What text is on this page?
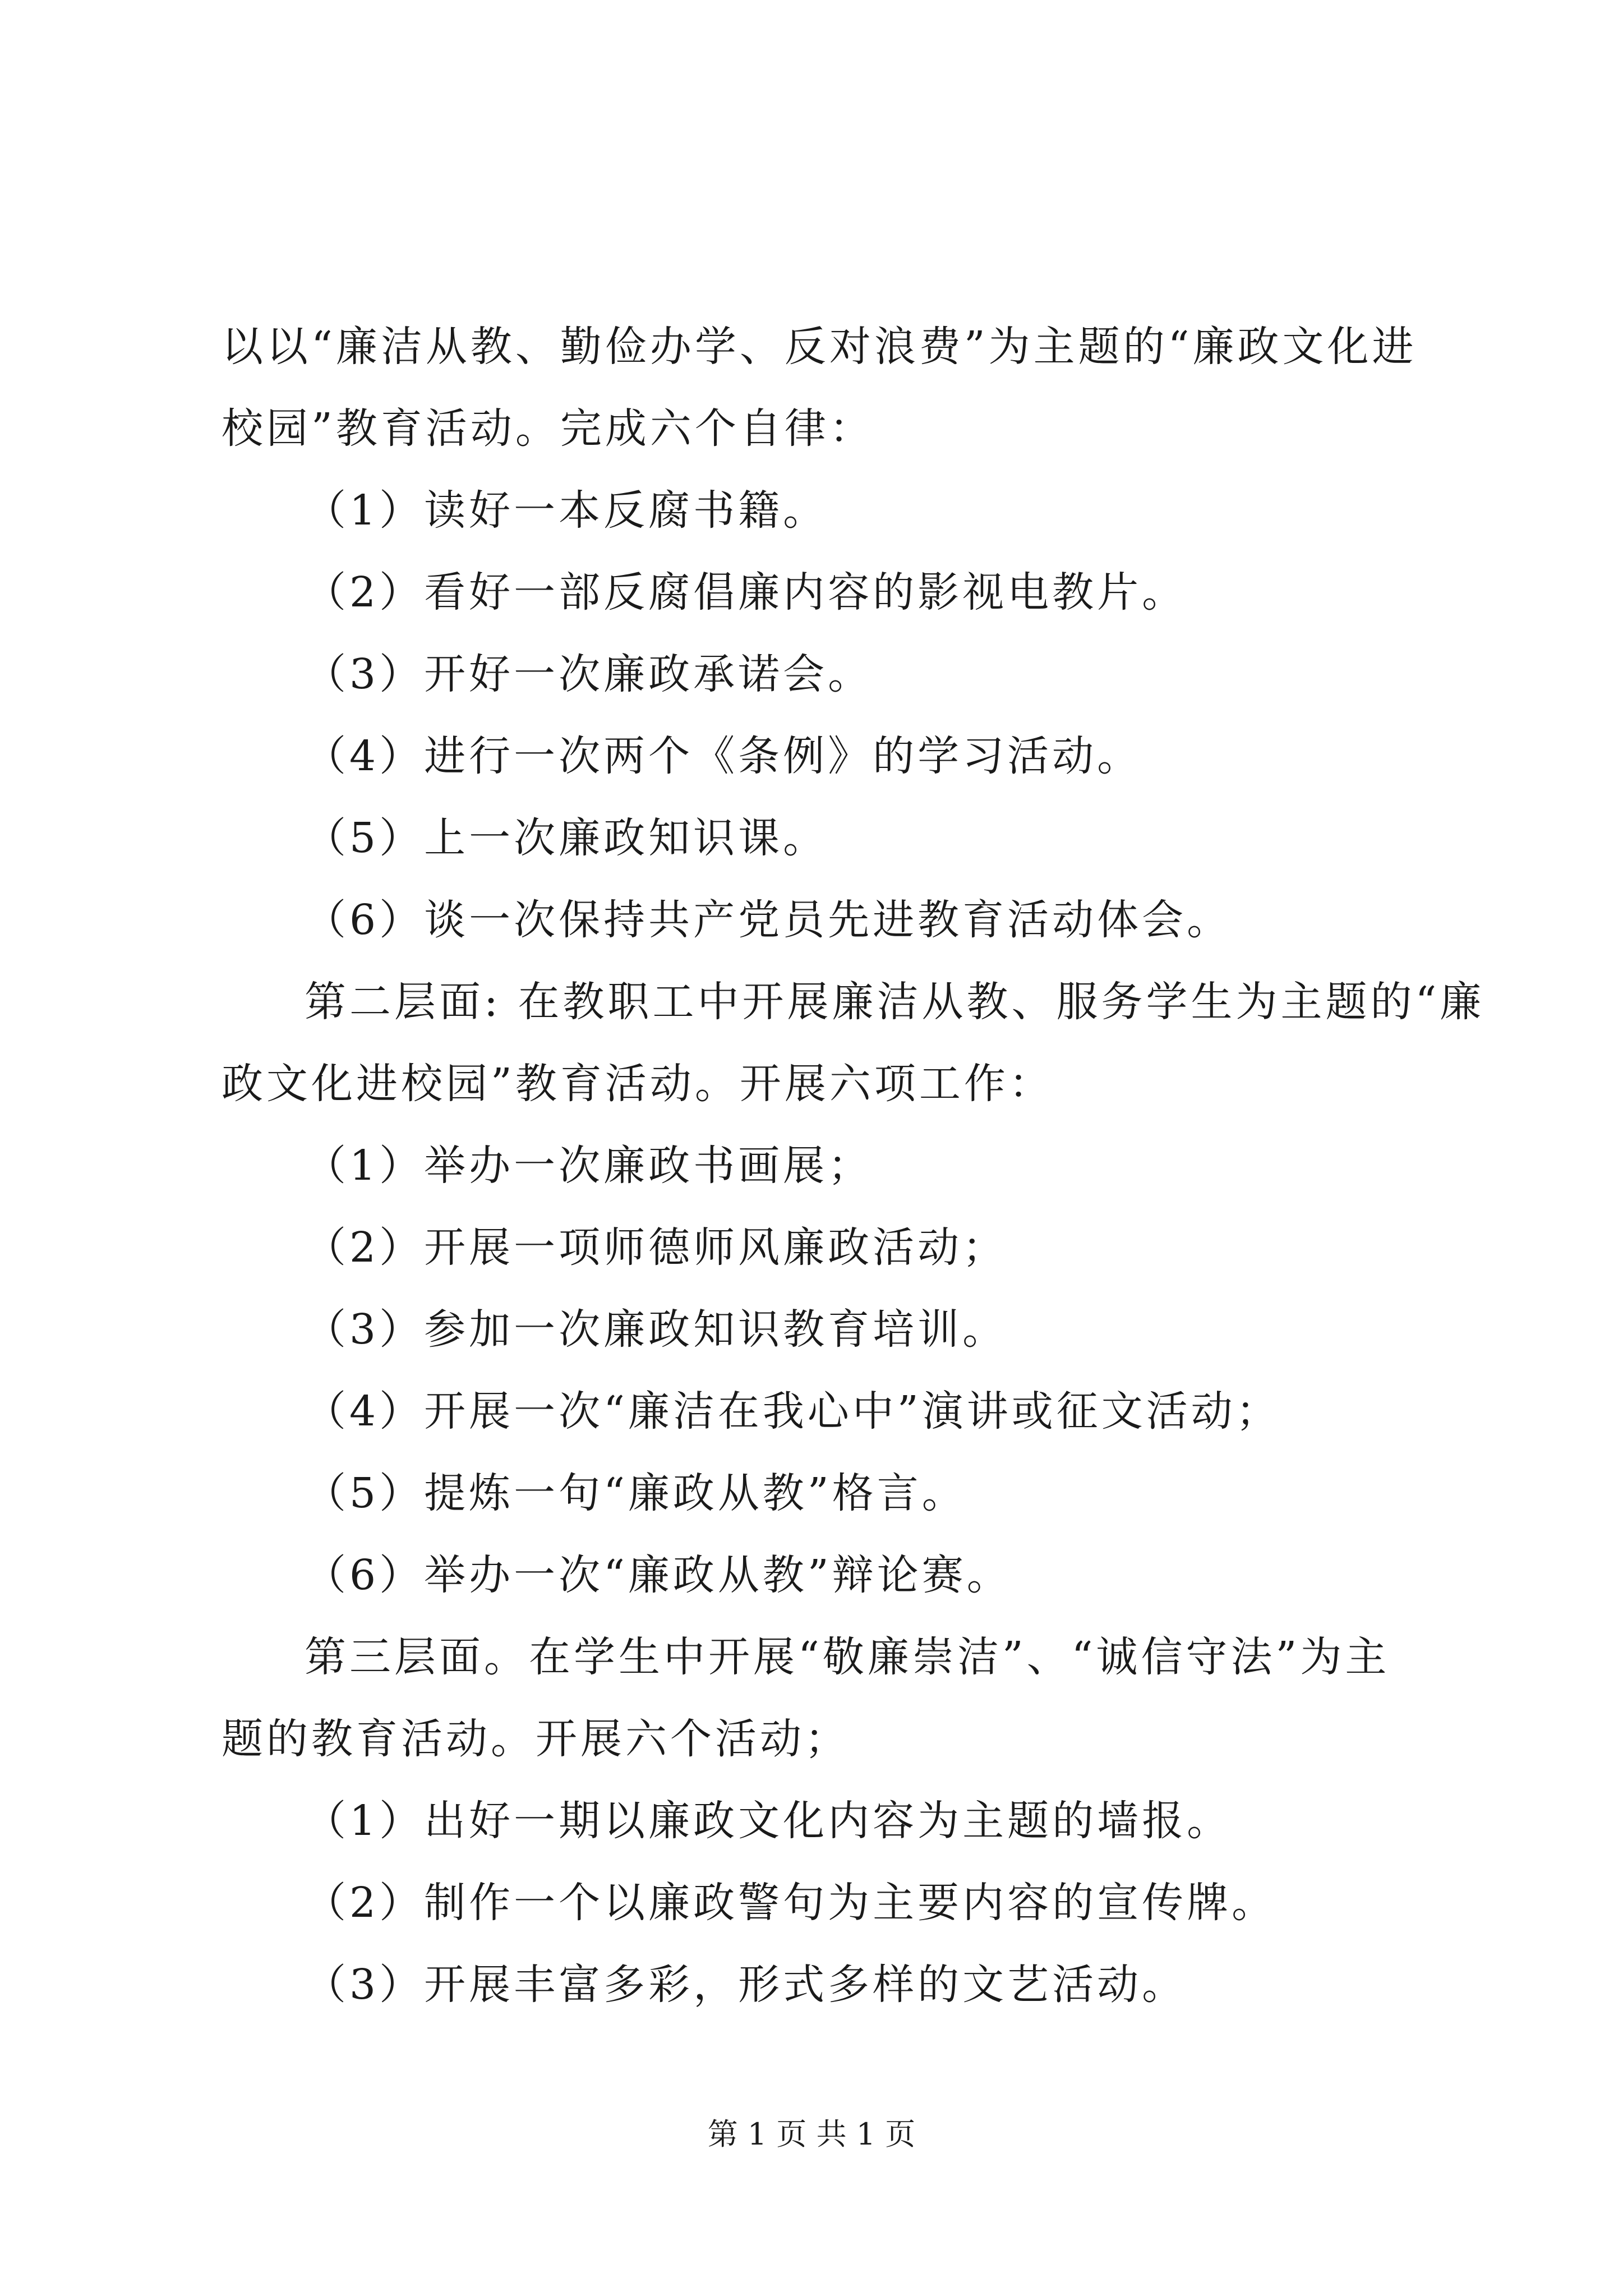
以以“廉洁从教、勤俭办学、反对浪费”为主题的“廉政文化进
校园”教育活动。完成六个自律：
（1）读好一本反腐书籍。
（2）看好一部反腐倡廉内容的影视电教片。
（3）开好一次廉政承诺会。
（4）进行一次两个《条例》的学习活动。
（5）上一次廉政知识课。
（6）谈一次保持共产党员先进教育活动体会。
第二层面: 在教职工中开展廉洁从教、服务学生为主题的“廉
政文化进校园”教育活动。开展六项工作：
（1）举办一次廉政书画展；
（2）开展一项师德师风廉政活动；
（3）参加一次廉政知识教育培训。
（4）开展一次“廉洁在我心中”演讲或征文活动；
（5）提炼一句“廉政从教”格言。
（6）举办一次“廉政从教”辩论赛。
第三层面。在学生中开展“敬廉崇洁”、“诚信守法”为主
题的教育活动。开展六个活动；
（1）出好一期以廉政文化内容为主题的墙报。
（2）制作一个以廉政警句为主要内容的宣传牌。
（3）开展丰富多彩，形式多样的文艺活动。
第 1 页 共 1 页
